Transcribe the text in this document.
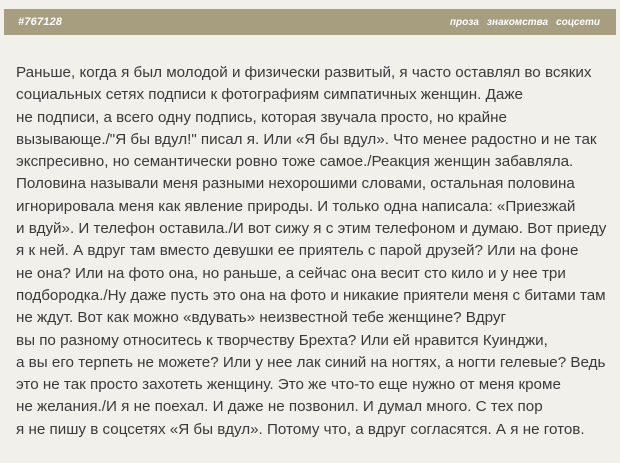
#767128	проза знакомства соцсети
Раньше, когда я был молодой и физически развитый, я часто оставлял во всяких
социальных сетях подписи к фотографиям симпатичных женщин. Даже
не подписи, а всего одну подпись, которая звучала просто, но крайне
вызывающе./"Я бы вдул!" писал я. Или «Я бы вдул». Что менее радостно и не так
экспресивно, но семантически ровно тоже самое./Реакция женщин забавляла.
Половина называли меня разными нехорошими словами, остальная половина
игнорировала меня как явление природы. И только одна написала: «Приезжай
и вдуй». И телефон оставила./И вот сижу я с этим телефоном и думаю. Вот приеду
я к ней. А вдруг там вместо девушки ее приятель с парой друзей? Или на фоне
не она? Или на фото она, но раньше, а сейчас она весит сто кило и у нее три
подбородка./Ну даже пусть это она на фото и никакие приятели меня с битами там
не ждут. Вот как можно «вдувать» неизвестной тебе женщине? Вдруг
вы по разному относитесь к творчеству Брехта? Или ей нравится Куинджи,
а вы его терпеть не можете? Или у нее лак синий на ногтях, а ногти гелевые? Ведь
это не так просто захотеть женщину. Это же что-то еще нужно от меня кроме
не желания./И я не поехал. И даже не позвонил. И думал много. С тех пор
я не пишу в соцсетях «Я бы вдул». Потому что, а вдруг согласятся. А я не готов.
